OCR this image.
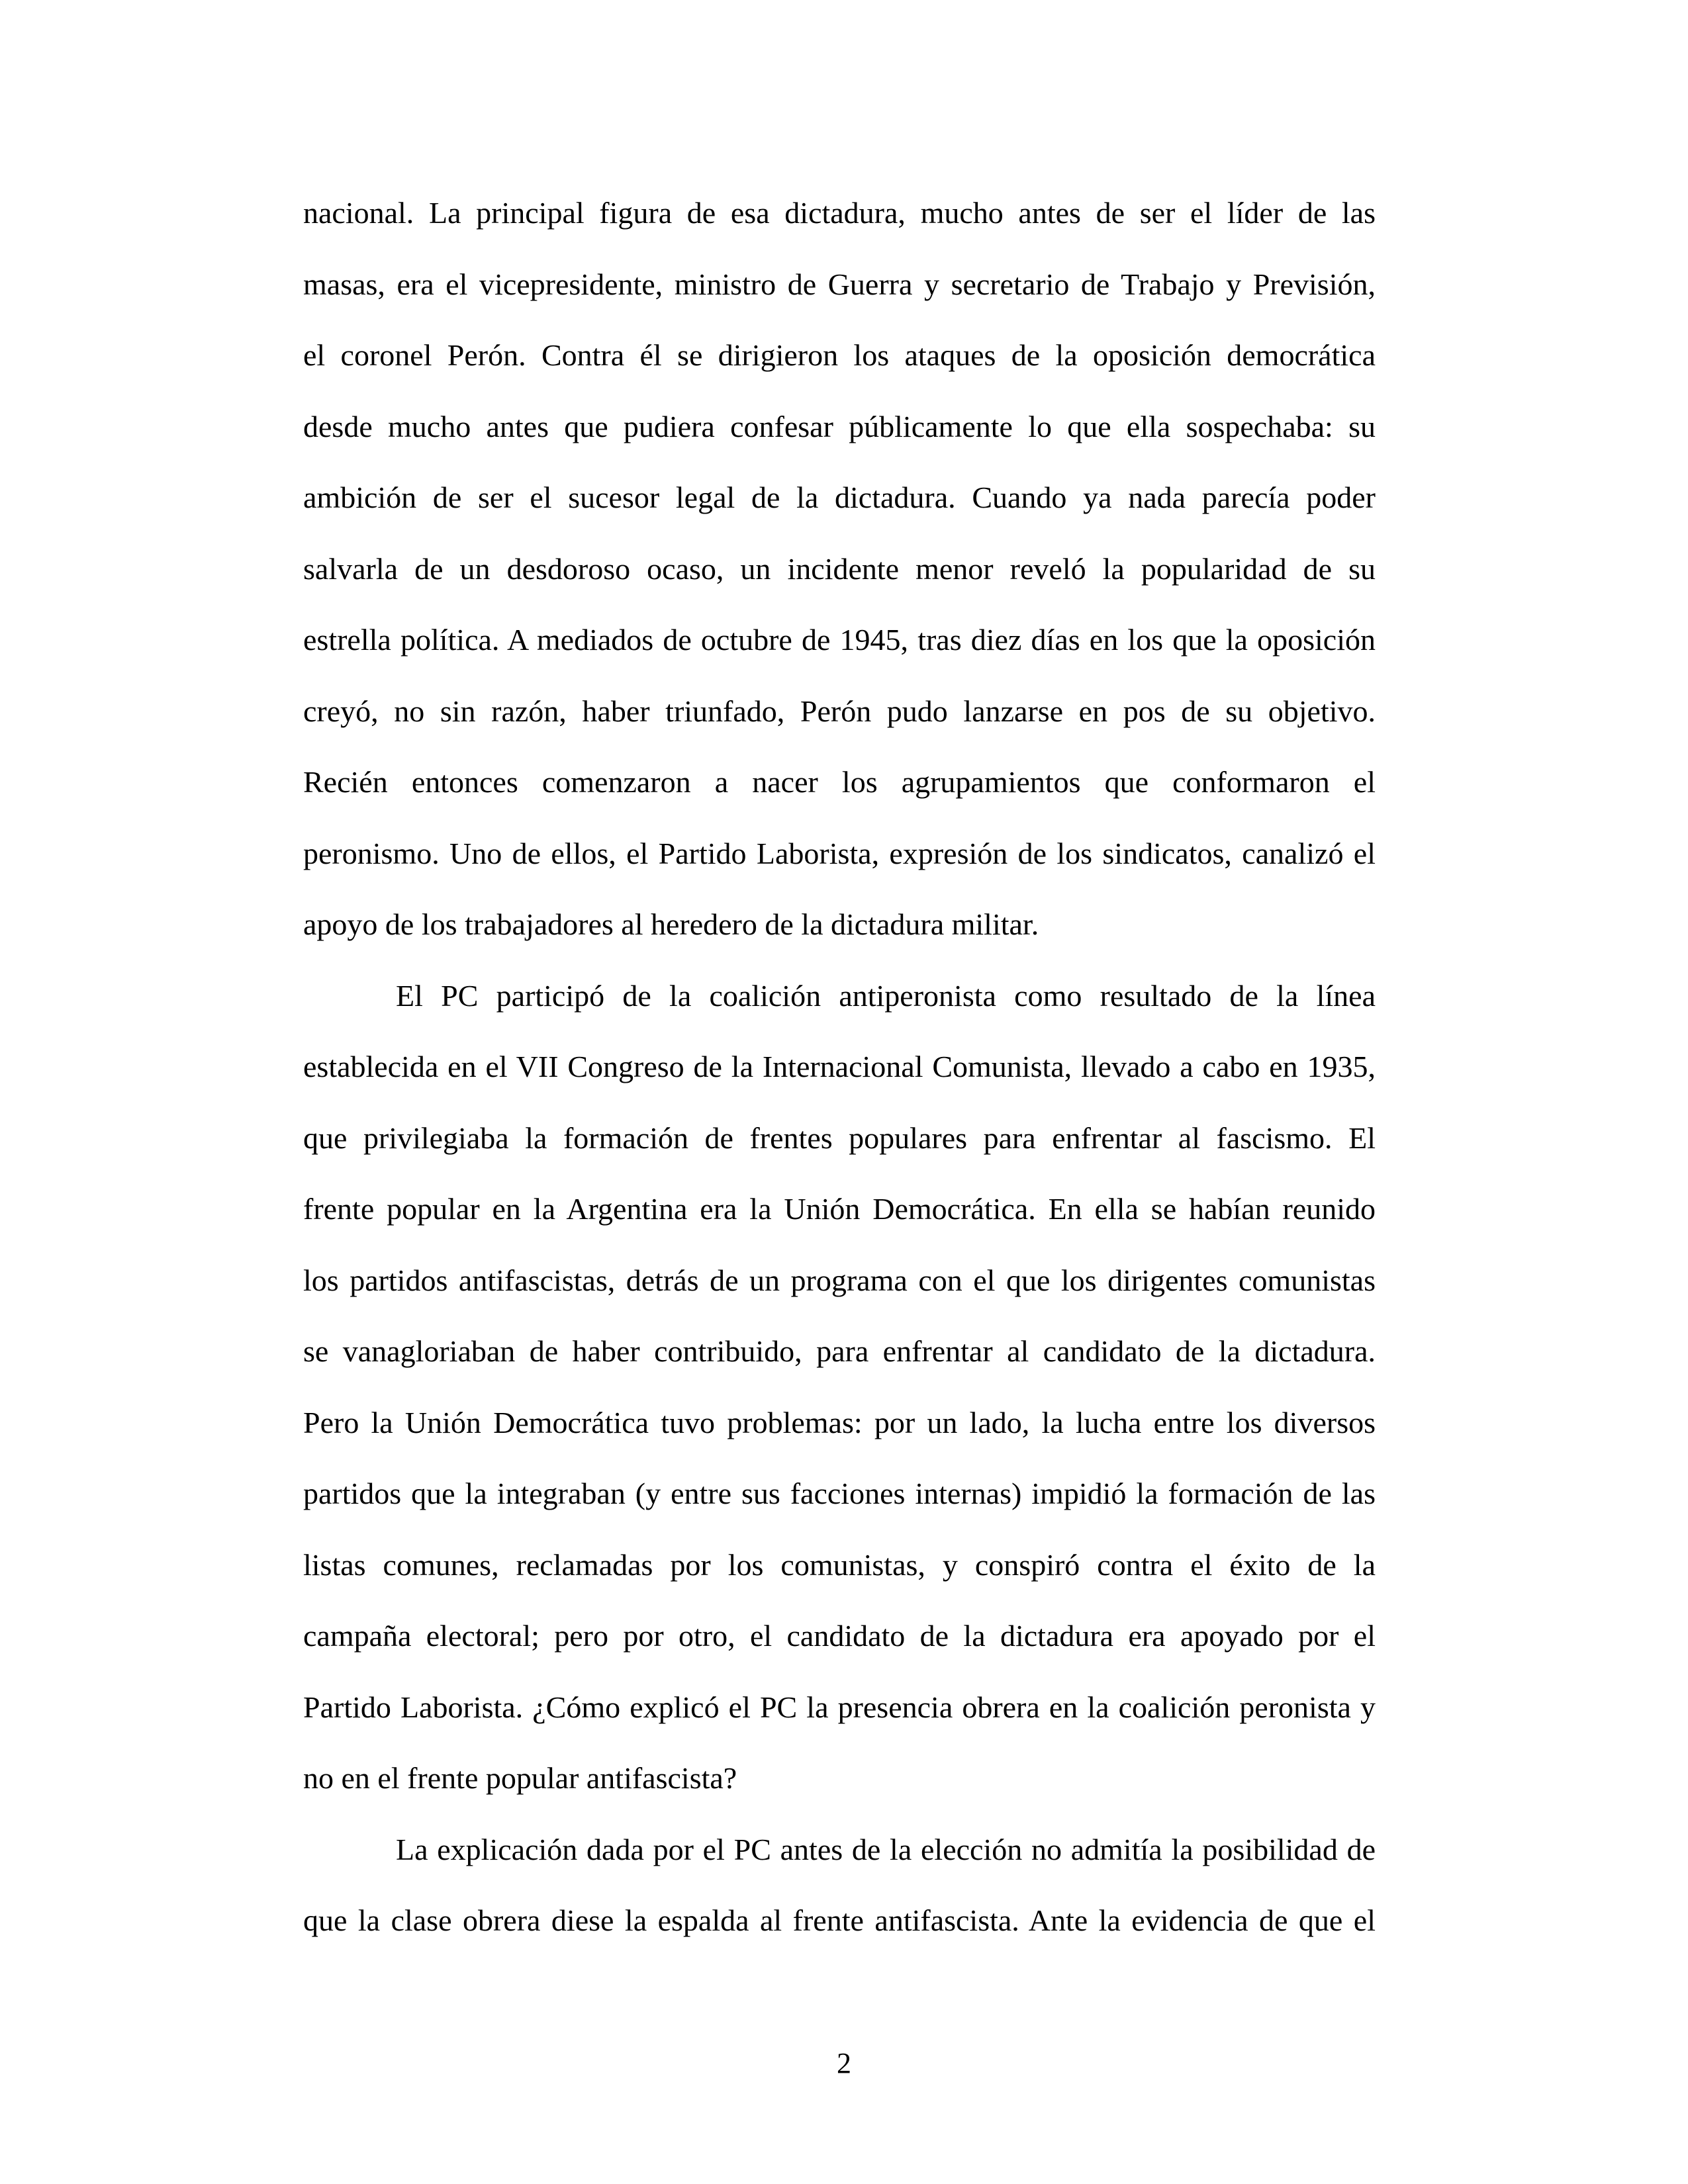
nacional. La principal figura de esa dictadura, mucho antes de ser el líder de las
masas, era el vicepresidente, ministro de Guerra y secretario de Trabajo y Previsión,
el coronel Perón. Contra él se dirigieron los ataques de la oposición democrática
desde mucho antes que pudiera confesar públicamente lo que ella sospechaba: su
ambición de ser el sucesor legal de la dictadura. Cuando ya nada parecía poder
salvarla de un desdoroso ocaso, un incidente menor reveló la popularidad de su
estrella política. A mediados de octubre de 1945, tras diez días en los que la oposición
creyó, no sin razón, haber triunfado, Perón pudo lanzarse en pos de su objetivo.
Recién entonces comenzaron a nacer los agrupamientos que conformaron el
peronismo. Uno de ellos, el Partido Laborista, expresión de los sindicatos, canalizó el
apoyo de los trabajadores al heredero de la dictadura militar.
El PC participó de la coalición antiperonista como resultado de la línea
establecida en el VII Congreso de la Internacional Comunista, llevado a cabo en 1935,
que privilegiaba la formación de frentes populares para enfrentar al fascismo. El
frente popular en la Argentina era la Unión Democrática. En ella se habían reunido
los partidos antifascistas, detrás de un programa con el que los dirigentes comunistas
se vanagloriaban de haber contribuido, para enfrentar al candidato de la dictadura.
Pero la Unión Democrática tuvo problemas: por un lado, la lucha entre los diversos
partidos que la integraban (y entre sus facciones internas) impidió la formación de las
listas comunes, reclamadas por los comunistas, y conspiró contra el éxito de la
campaña electoral; pero por otro, el candidato de la dictadura era apoyado por el
Partido Laborista. ¿Cómo explicó el PC la presencia obrera en la coalición peronista y
no en el frente popular antifascista?
La explicación dada por el PC antes de la elección no admitía la posibilidad de
que la clase obrera diese la espalda al frente antifascista. Ante la evidencia de que el
2
